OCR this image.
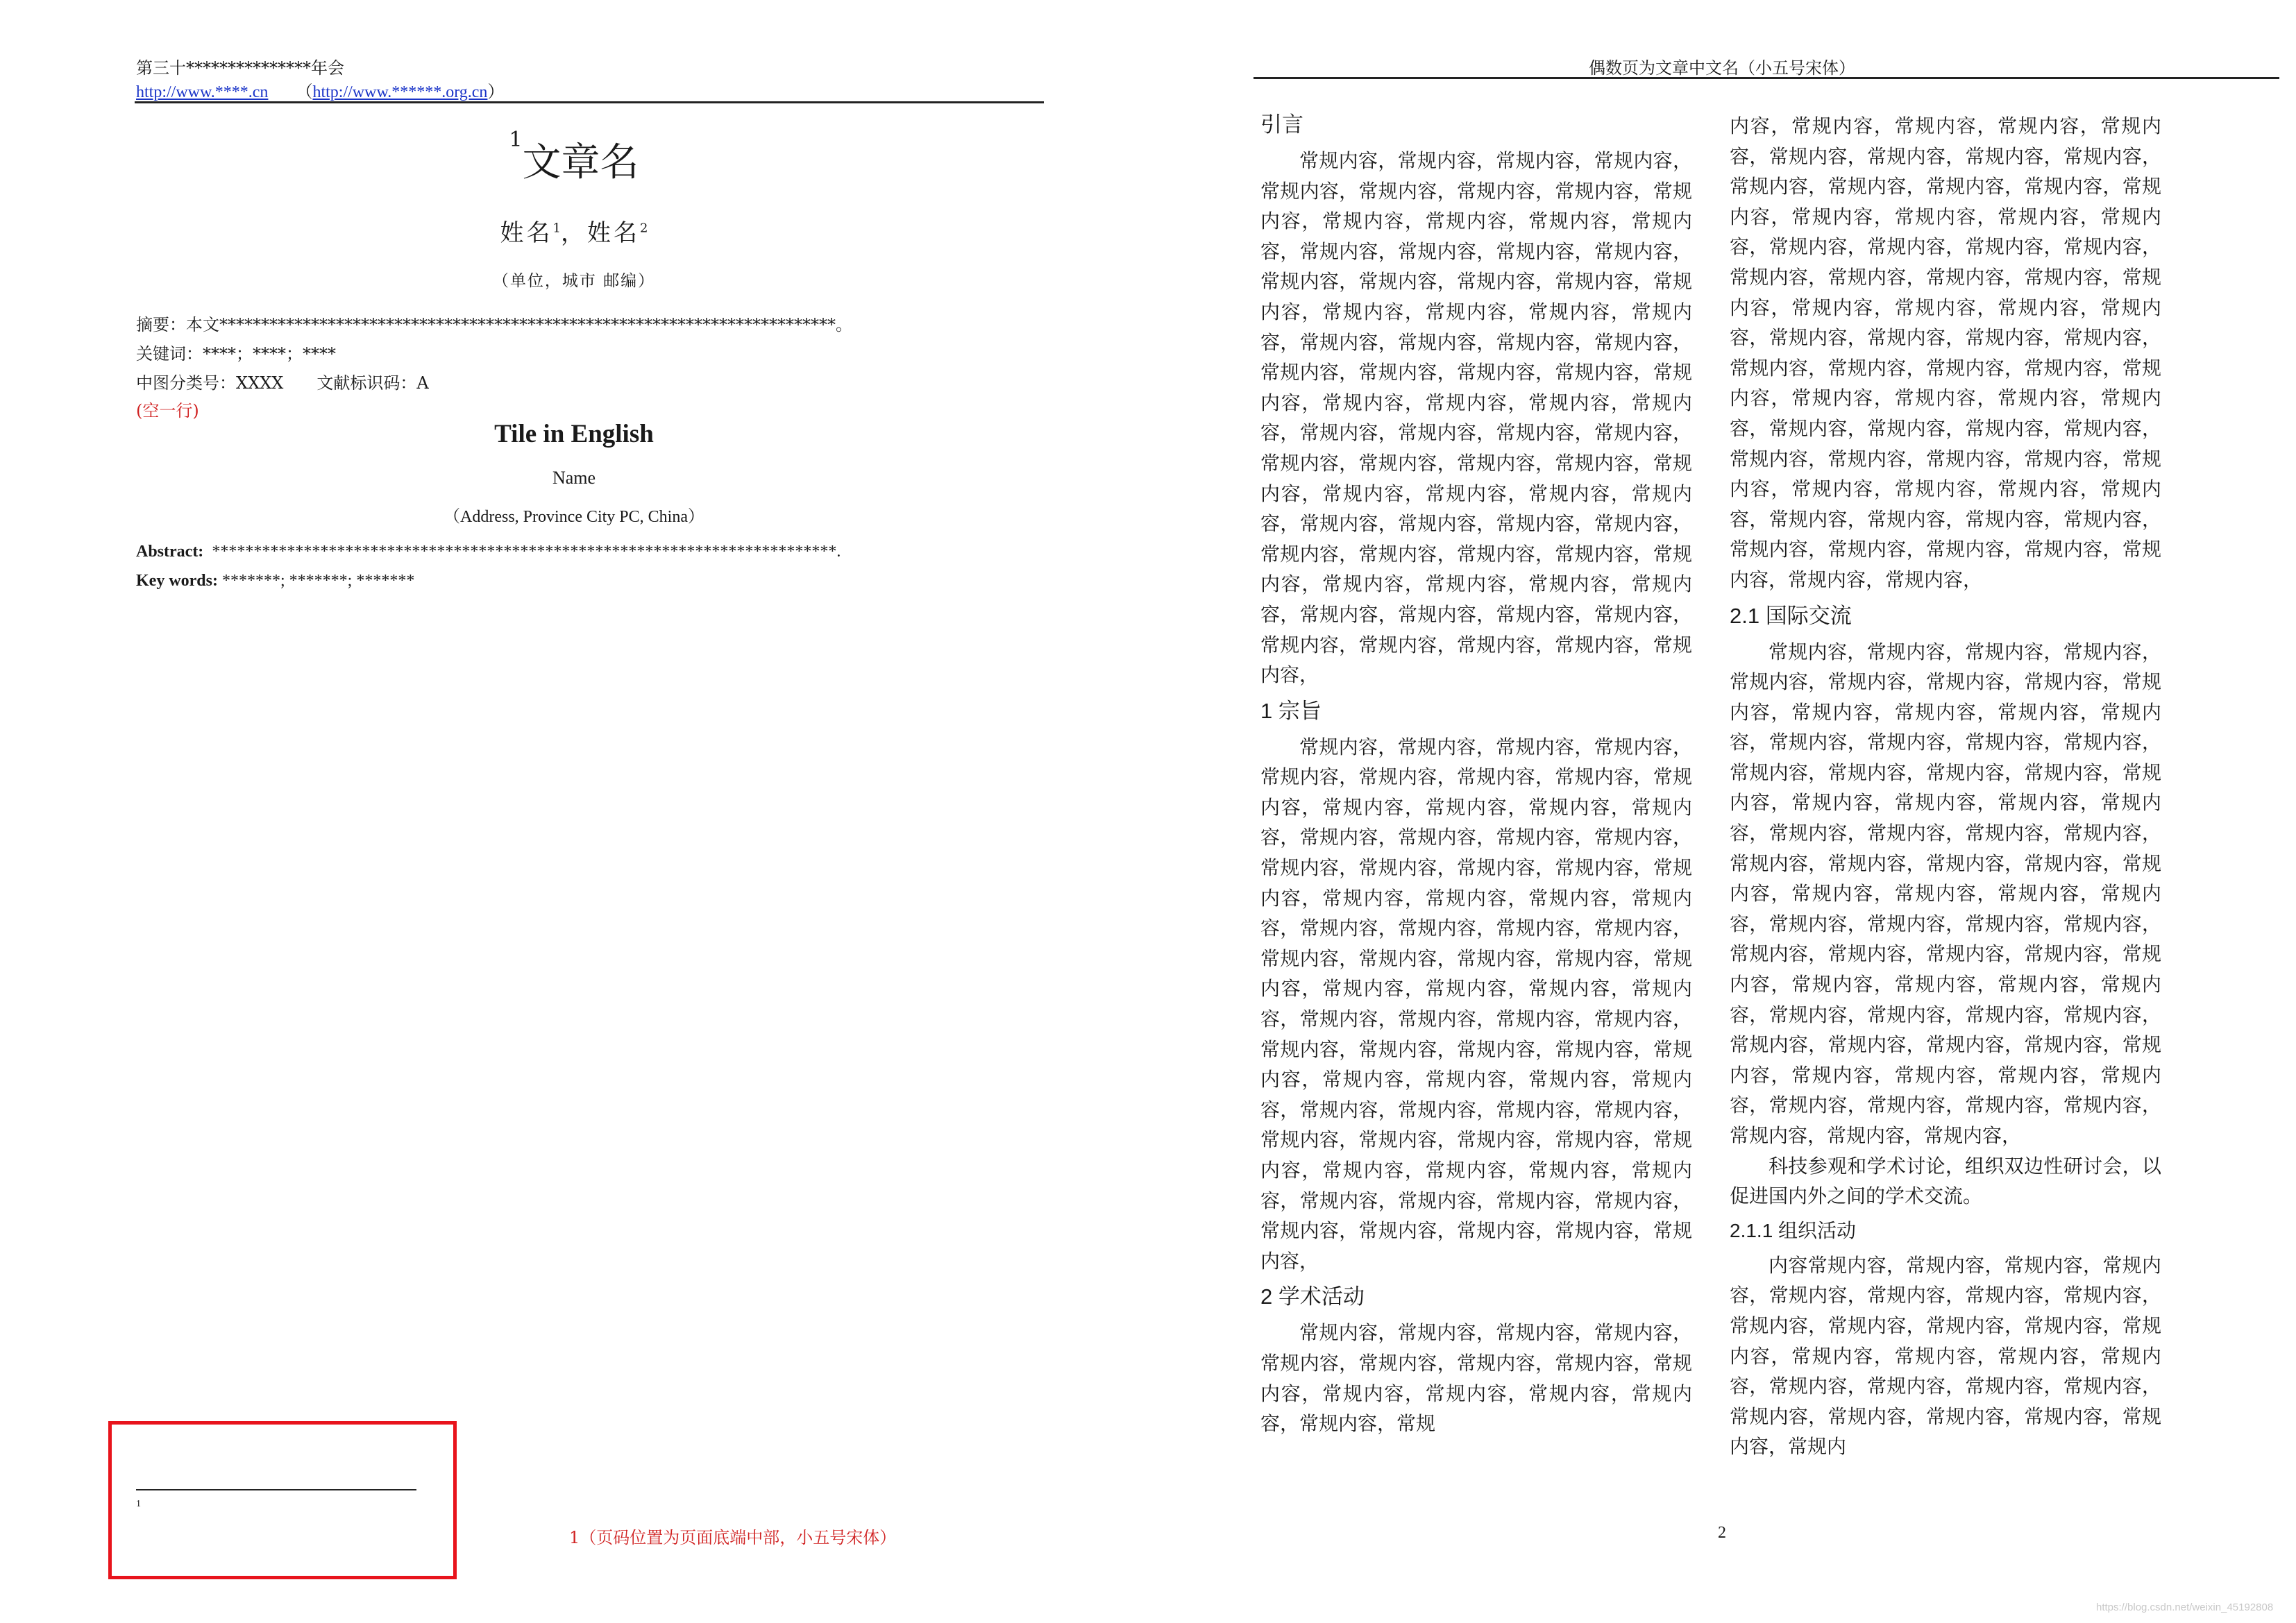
第三十***************年会
http://www.****.cn （http://www.******.org.cn）
$^1$文章名
姓名$^1$，姓名$^2$
（单位，城市 邮编）
摘要：本文**************************************************************************。
关键词：****；****；****
中图分类号：XXXX 文献标识码：A
(空一行)
Tile in English
Name
（Address, Province City PC, China）
Abstract:  ***************************************************************************.
Key words: *******; *******; *******
1
1（页码位置为页面底端中部，小五号宋体）
偶数页为文章中文名（小五号宋体）
引言

常规内容，常规内容，常规内容，常规内容，常规内容，常规内容，常规内容，常规内容，常规内容，常规内容，常规内容，常规内容，常规内容，常规内容，常规内容，常规内容，常规内容，常规内容，常规内容，常规内容，常规内容，常规内容，常规内容，常规内容，常规内容，常规内容，常规内容，常规内容，常规内容，常规内容，常规内容，常规内容，常规内容，常规内容，常规内容，常规内容，常规内容，常规内容，常规内容，常规内容，常规内容，常规内容，常规内容，常规内容，常规内容，常规内容，常规内容，常规内容，常规内容，常规内容，常规内容，常规内容，常规内容，常规内容，常规内容，常规内容，常规内容，常规内容，常规内容，常规内容，常规内容，常规内容，常规内容，常规内容，常规内容，常规内容，常规内容，常规内容，常规内容，常规内容，常规内容，常规内容，常规内容，常规内容，

1 宗旨

常规内容，常规内容，常规内容，常规内容，常规内容，常规内容，常规内容，常规内容，常规内容，常规内容，常规内容，常规内容，常规内容，常规内容，常规内容，常规内容，常规内容，常规内容，常规内容，常规内容，常规内容，常规内容，常规内容，常规内容，常规内容，常规内容，常规内容，常规内容，常规内容，常规内容，常规内容，常规内容，常规内容，常规内容，常规内容，常规内容，常规内容，常规内容，常规内容，常规内容，常规内容，常规内容，常规内容，常规内容，常规内容，常规内容，常规内容，常规内容，常规内容，常规内容，常规内容，常规内容，常规内容，常规内容，常规内容，常规内容，常规内容，常规内容，常规内容，常规内容，常规内容，常规内容，常规内容，常规内容，常规内容，常规内容，常规内容，常规内容，常规内容，常规内容，常规内容，常规内容，常规内容，常规内容，

2 学术活动

常规内容，常规内容，常规内容，常规内容，常规内容，常规内容，常规内容，常规内容，常规内容，常规内容，常规内容，常规内容，常规内容，常规内容，常规

内容，常规内容，常规内容，常规内容，常规内容，常规内容，常规内容，常规内容，常规内容，常规内容，常规内容，常规内容，常规内容，常规内容，常规内容，常规内容，常规内容，常规内容，常规内容，常规内容，常规内容，常规内容，常规内容，常规内容，常规内容，常规内容，常规内容，常规内容，常规内容，常规内容，常规内容，常规内容，常规内容，常规内容，常规内容，常规内容，常规内容，常规内容，常规内容，常规内容，常规内容，常规内容，常规内容，常规内容，常规内容，常规内容，常规内容，常规内容，常规内容，常规内容，常规内容，常规内容，常规内容，常规内容，常规内容，常规内容，常规内容，常规内容，常规内容，常规内容，常规内容，常规内容，常规内容，常规内容，常规内容，常规内容，常规内容，常规内容，

2.1 国际交流

常规内容，常规内容，常规内容，常规内容，常规内容，常规内容，常规内容，常规内容，常规内容，常规内容，常规内容，常规内容，常规内容，常规内容，常规内容，常规内容，常规内容，常规内容，常规内容，常规内容，常规内容，常规内容，常规内容，常规内容，常规内容，常规内容，常规内容，常规内容，常规内容，常规内容，常规内容，常规内容，常规内容，常规内容，常规内容，常规内容，常规内容，常规内容，常规内容，常规内容，常规内容，常规内容，常规内容，常规内容，常规内容，常规内容，常规内容，常规内容，常规内容，常规内容，常规内容，常规内容，常规内容，常规内容，常规内容，常规内容，常规内容，常规内容，常规内容，常规内容，常规内容，常规内容，常规内容，常规内容，常规内容，常规内容，常规内容，常规内容，常规内容，常规内容，常规内容，常规内容，

科技参观和学术讨论，组织双边性研讨会，以促进国内外之间的学术交流。

2.1.1 组织活动

内容常规内容，常规内容，常规内容，常规内容，常规内容，常规内容，常规内容，常规内容，常规内容，常规内容，常规内容，常规内容，常规内容，常规内容，常规内容，常规内容，常规内容，常规内容，常规内容，常规内容，常规内容，常规内容，常规内容，常规内容，常规内容，常规内容，常规内

2
https://blog.csdn.net/weixin_45192808
